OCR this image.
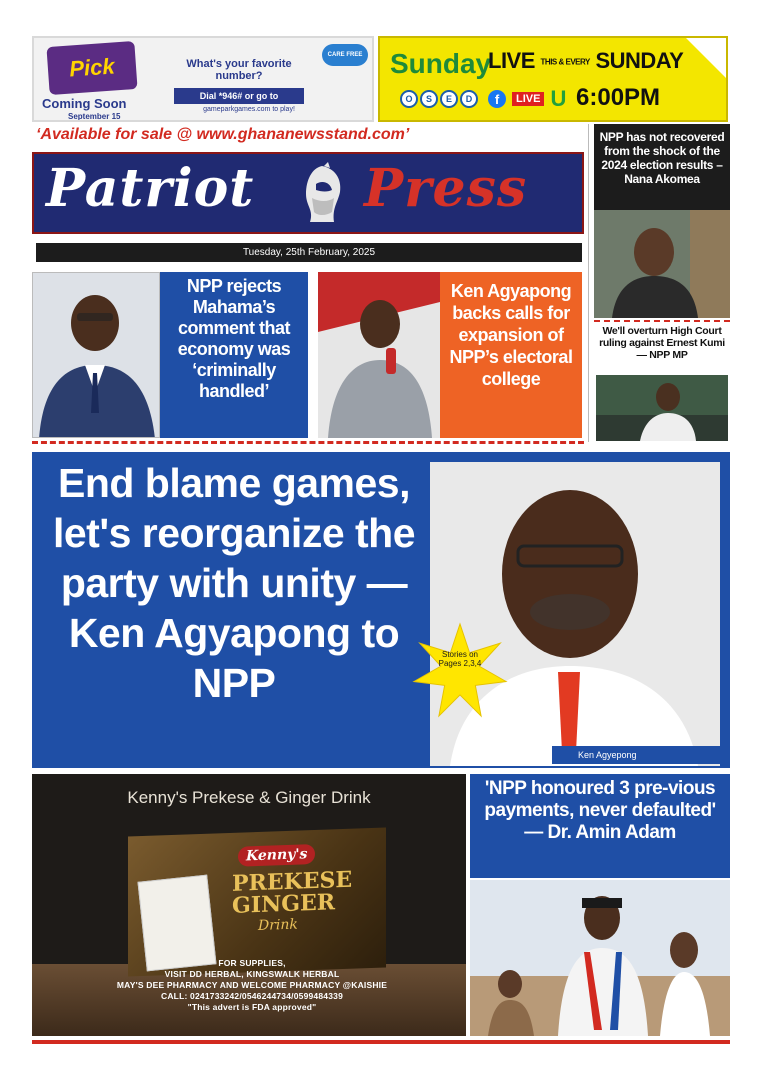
Pick
Coming Soon
September 15
What's your favorite number?
Dial *946# or go to
gameparkgames.com to play!
CARE FREE Sunday
O	S	E	D
LIVE THIS & EVERY SUNDAY
f	LIVE U 6:00PM
‘Available for sale @ www.ghananewsstand.com’
Patriot Press
Tuesday, 25th February, 2025
NPP has not recovered from the shock of the 2024 election results – Nana Akomea
We'll overturn High Court ruling against Ernest Kumi — NPP MP
NPP rejects Mahama’s comment that economy was ‘criminally handled’
Ken Agyapong backs calls for expansion of NPP’s electoral college
End blame games, let's reorganize the party with unity — Ken Agyapong to NPP
Ken Agyepong
Stories on Pages 2,3,4
Kenny's Prekese & Ginger Drink
Kenny's
PREKESE
GINGER
Drink
FOR SUPPLIES,
VISIT DD HERBAL, KINGSWALK HERBAL
MAY'S DEE PHARMACY AND WELCOME PHARMACY @KAISHIE
CALL: 0241733242/0546244734/0599484339
"This advert is FDA approved"
'NPP honoured 3 pre-vious payments, never defaulted' — Dr. Amin Adam
